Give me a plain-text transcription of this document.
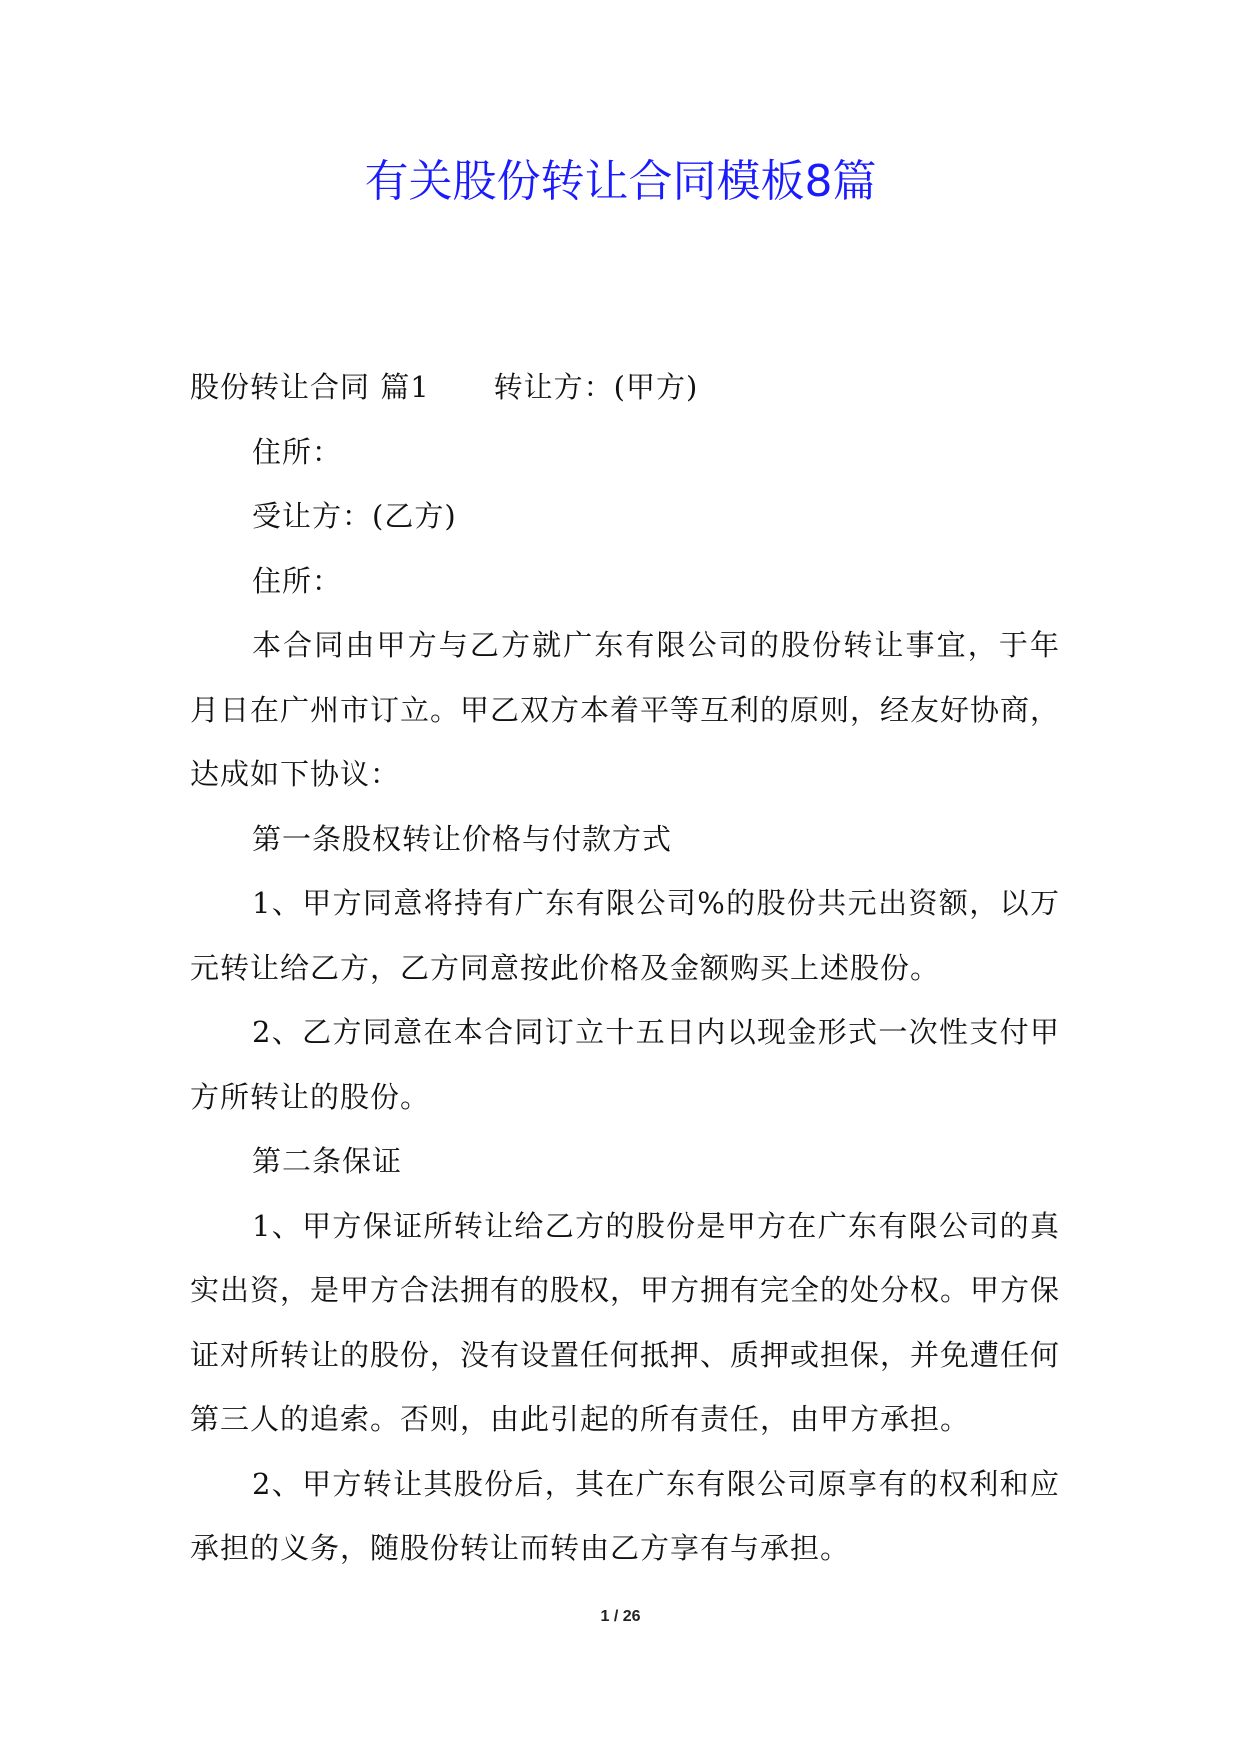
有关股份转让合同模板8篇

股份转让合同 篇1 转让方：(甲方)

住所：

受让方：(乙方)

住所：

本合同由甲方与乙方就广东有限公司的股份转让事宜，于年月日在广州市订立。甲乙双方本着平等互利的原则，经友好协商，达成如下协议：

第一条股权转让价格与付款方式

1、甲方同意将持有广东有限公司%的股份共元出资额，以万元转让给乙方，乙方同意按此价格及金额购买上述股份。

2、乙方同意在本合同订立十五日内以现金形式一次性支付甲方所转让的股份。

第二条保证

1、甲方保证所转让给乙方的股份是甲方在广东有限公司的真实出资，是甲方合法拥有的股权，甲方拥有完全的处分权。甲方保证对所转让的股份，没有设置任何抵押、质押或担保，并免遭任何第三人的追索。否则，由此引起的所有责任，由甲方承担。

2、甲方转让其股份后，其在广东有限公司原享有的权利和应承担的义务，随股份转让而转由乙方享有与承担。

1 / 26
